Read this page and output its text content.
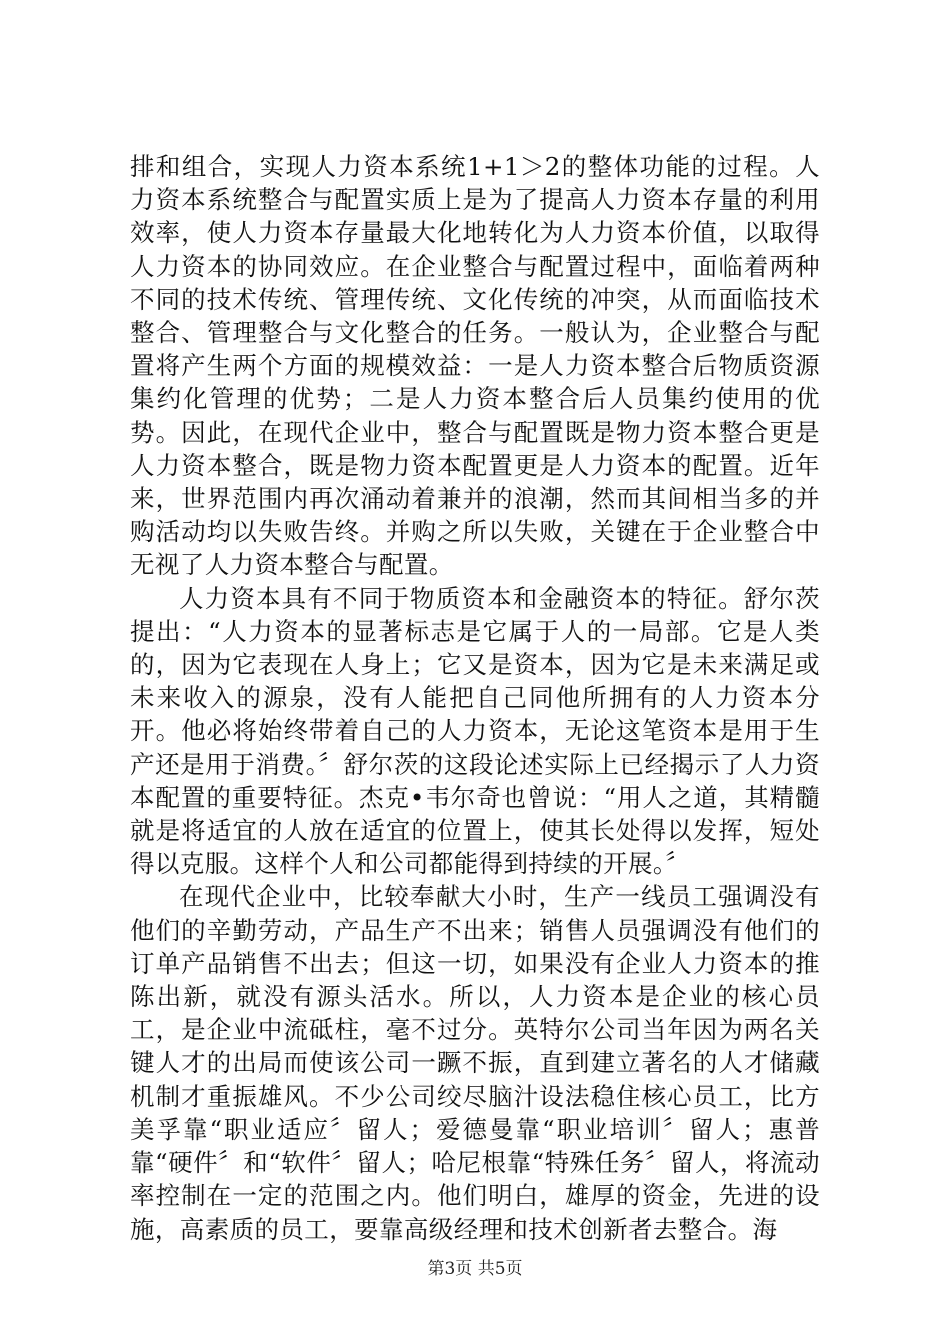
排和组合，实现人力资本系统1+1＞2的整体功能的过程。人力资本系统整合与配置实质上是为了提高人力资本存量的利用效率，使人力资本存量最大化地转化为人力资本价值，以取得人力资本的协同效应。在企业整合与配置过程中，面临着两种不同的技术传统、管理传统、文化传统的冲突，从而面临技术整合、管理整合与文化整合的任务。一般认为，企业整合与配置将产生两个方面的规模效益：一是人力资本整合后物质资源集约化管理的优势；二是人力资本整合后人员集约使用的优势。因此，在现代企业中，整合与配置既是物力资本整合更是人力资本整合，既是物力资本配置更是人力资本的配置。近年来，世界范围内再次涌动着兼并的浪潮，然而其间相当多的并购活动均以失败告终。并购之所以失败，关键在于企业整合中无视了人力资本整合与配置。

人力资本具有不同于物质资本和金融资本的特征。舒尔茨提出：“人力资本的显著标志是它属于人的一局部。它是人类的，因为它表现在人身上；它又是资本，因为它是未来满足或未来收入的源泉，没有人能把自己同他所拥有的人力资本分开。他必将始终带着自己的人力资本，无论这笔资本是用于生产还是用于消费。〞舒尔茨的这段论述实际上已经揭示了人力资本配置的重要特征。杰克•韦尔奇也曾说：“用人之道，其精髓就是将适宜的人放在适宜的位置上，使其长处得以发挥，短处得以克服。这样个人和公司都能得到持续的开展。〞

在现代企业中，比较奉献大小时，生产一线员工强调没有他们的辛勤劳动，产品生产不出来；销售人员强调没有他们的订单产品销售不出去；但这一切，如果没有企业人力资本的推陈出新，就没有源头活水。所以，人力资本是企业的核心员工，是企业中流砥柱，毫不过分。英特尔公司当年因为两名关键人才的出局而使该公司一蹶不振，直到建立著名的人才储藏机制才重振雄风。不少公司绞尽脑汁设法稳住核心员工，比方美孚靠“职业适应〞留人；爱德曼靠“职业培训〞留人；惠普靠“硬件〞和“软件〞留人；哈尼根靠“特殊任务〞留人，将流动率控制在一定的范围之内。他们明白，雄厚的资金，先进的设施，高素质的员工，要靠高级经理和技术创新者去整合。海

第3页 共5页
